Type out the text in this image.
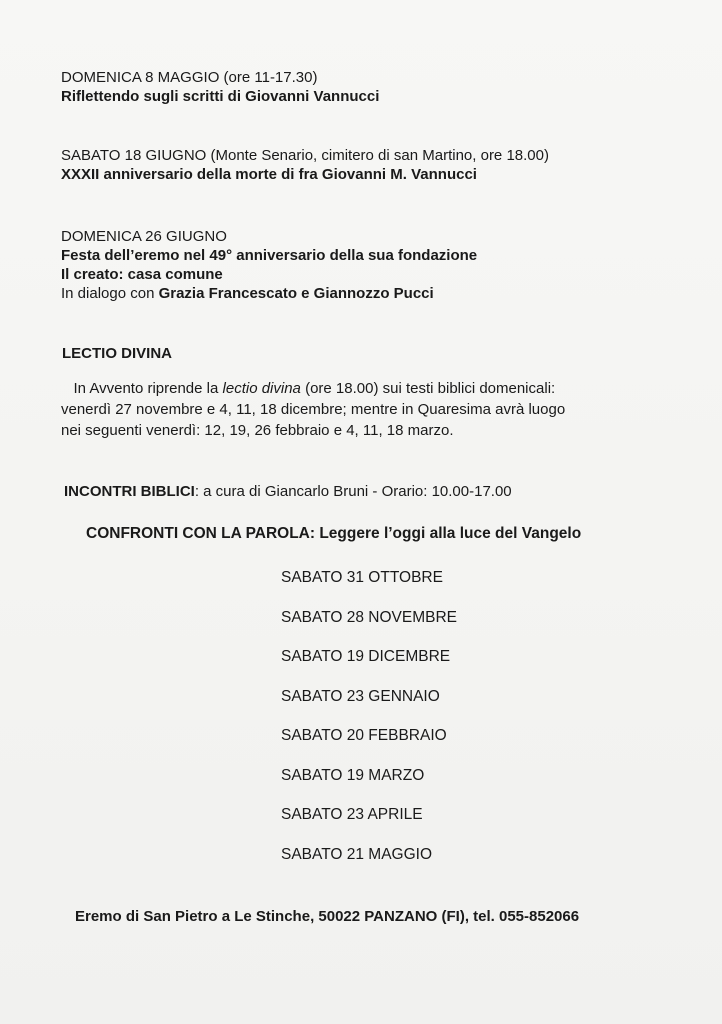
DOMENICA 8 MAGGIO (ore 11-17.30)
Riflettendo sugli scritti di Giovanni Vannucci
SABATO 18 GIUGNO (Monte Senario, cimitero di san Martino, ore 18.00)
XXXII anniversario della morte di fra Giovanni M. Vannucci
DOMENICA 26 GIUGNO
Festa dell’eremo nel 49° anniversario della sua fondazione
Il creato: casa comune
In dialogo con Grazia Francescato e Giannozzo Pucci
LECTIO DIVINA

In Avvento riprende la lectio divina (ore 18.00) sui testi biblici domenicali:

venerdì 27 novembre e 4, 11, 18 dicembre; mentre in Quaresima avrà luogo

nei seguenti venerdì: 12, 19, 26 febbraio e 4, 11, 18 marzo.

INCONTRI BIBLICI: a cura di Giancarlo Bruni - Orario: 10.00-17.00
CONFRONTI CON LA PAROLA: Leggere l’oggi alla luce del Vangelo
SABATO 31 OTTOBRE
SABATO 28 NOVEMBRE
SABATO 19 DICEMBRE
SABATO 23 GENNAIO
SABATO 20 FEBBRAIO
SABATO 19 MARZO
SABATO 23 APRILE
SABATO 21 MAGGIO
Eremo di San Pietro a Le Stinche, 50022 PANZANO (FI), tel. 055-852066
